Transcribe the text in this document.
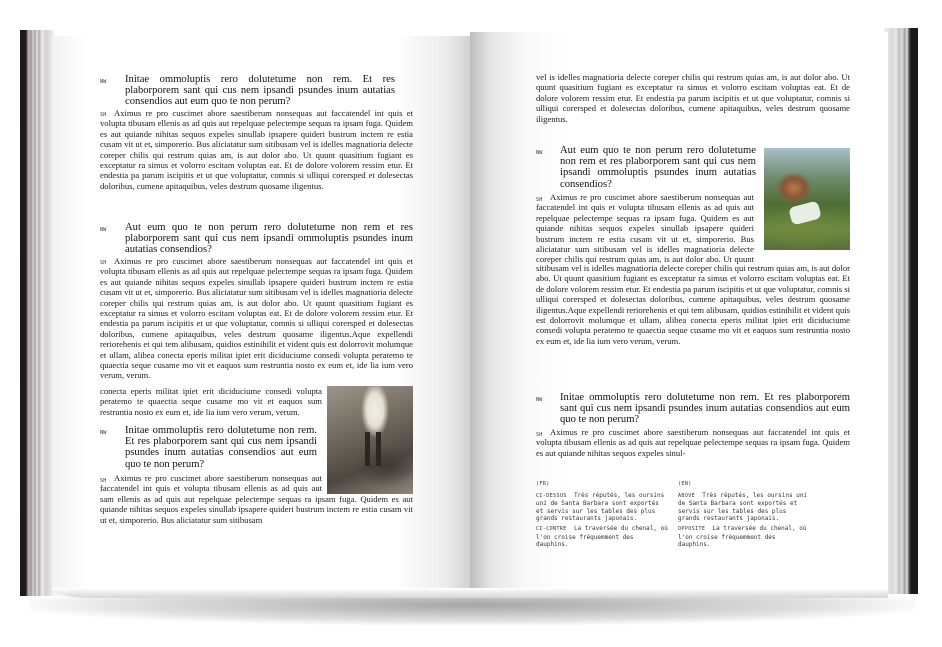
NW Initae ommoluptis rero dolutetume non rem. Et res plaborporem sant qui cus nem ipsandi psundes inum autatias consendios aut eum quo te non perum?
SH Aximus re pro cuscimet abore saestiberum nonsequas aut faccatendel int quis et volupta tibusam ellenis as ad quis aut repelquae pelectempe sequas ra ipsam fuga. Quidem es aut quiande nihitas sequos expeles sinullab ipsapere quideri bustrum inctem re estia cusam vit ut et, simporerio. Bus aliciatatur sum sitibusam vel is idelles magnatioria delecte coreper chilis qui restrum quias am, is aut dolor abo. Ut quunt quasitium fugiant es exceptatur ra simus et volorro escitam voluptas eat. Et de dolore volorem ressim etur. Et endestia pa parum iscipitis et ut que voluptatur, comnis si ulliqui corersped et dolesectas doloribus, cumene apitaquibus, veles destrum quosame iligentus.
NW Aut eum quo te non perum rero dolutetume non rem et res plaborporem sant qui cus nem ipsandi ommoluptis psundes inum autatias consendios?
SH Aximus re pro cuscimet abore saestiberum nonsequas aut faccatendel int quis et volupta tibusam ellenis as ad quis aut repelquae pelectempe sequas ra ipsam fuga. Quidem es aut quiande nihitas sequos expeles sinullab ipsapere quideri bustrum inctem re estia cusam vit ut et, simporerio. Bus aliciatatur sum sitibusam vel is idelles magnatioria delecte coreper chilis qui restrum quias am, is aut dolor abo. Ut quunt quasitium fugiant es exceptatur ra simus et volorro escitam voluptas eat. Et de dolore volorem ressim etur. Et endestia pa parum iscipitis et ut que voluptatur, comnis si ulliqui corersped et dolesectas doloribus, cumene apitaquibus, veles destrum quosame iligentus.Aque expellendi reriorehenis et qui tem alibusam, quidios estinihilit et vident quis est dolorrovit molumque et ullam, alibea conecta eperis militat ipiet erit diciduciume consedi volupta peratemo te quaectia seque cusame mo vit et eaquos sum restruntia nosto ex eum et, ide lia ium vero verum, verum.
conecta eperis militat ipiet erit diciduciume consedi volupta peratemo te quaectia seque cusame mo vit et eaquos sum restruntia nosto ex eum et, ide lia ium vero verum, verum.
NW Initae ommoluptis rero dolutetume non rem. Et res plaborporem sant qui cus nem ipsandi psundes inum autatias consendios aut eum quo te non perum?
SH Aximus re pro cuscimet abore saestiberum nonsequas aut faccatendel int quis et volupta tibusam ellenis as ad quis aut
sam ellenis as ad quis aut repelquae pelectempe sequas ra ipsam fuga. Quidem es aut quiande nihitas sequos expeles sinullab ipsapere quideri bustrum inctem re estia cusam vit ut et, simporerio. Bus aliciatatur sum sitibusam
vel is idelles magnatioria delecte coreper chilis qui restrum quias am, is aut dolor abo. Ut quunt quasitium fugiant es exceptatur ra simus et volorro escitam voluptas eat. Et de dolore volorem ressim etur. Et endestia pa parum iscipitis et ut que voluptatur, comnis si ulliqui corersped et dolesectas doloribus, cumene apitaquibus, veles destrum quosame iligentus.
NW Aut eum quo te non perum rero dolutetume non rem et res plaborporem sant qui cus nem ipsandi ommoluptis psundes inum autatias consendios?
SH Aximus re pro cuscimet abore saestiberum nonsequas aut faccatendel int quis et volupta tibusam ellenis as ad quis aut repelquae pelectempe sequas ra ipsam fuga. Quidem es aut quiande nihitas sequos expeles sinullab ipsapere quideri bustrum inctem re estia cusam vit ut et, simporerio. Bus aliciatatur sum sitibusam vel is idelles magnatioria delecte coreper chilis qui restrum quias am, is aut dolor abo. Ut quunt
sitibusam vel is idelles magnatioria delecte coreper chilis qui restrum quias am, is aut dolor abo. Ut quunt quasitium fugiant es exceptatur ra simus et volorro escitam voluptas eat. Et de dolore volorem ressim etur. Et endestia pa parum iscipitis et ut que voluptatur, comnis si ulliqui corersped et dolesectas doloribus, cumene apitaquibus, veles destrum quosame iligentus.Aque expellendi reriorehenis et qui tem alibusam, quidios estinihilit et vident quis est dolorrovit molumque et ullam, alibea conecta eperis militat ipiet erit diciduciume consedi volupta peratemo te quaectia seque cusame mo vit et eaquos sum restruntia nosto ex eum et, ide lia ium vero verum, verum.
NW Initae ommoluptis rero dolutetume non rem. Et res plaborporem sant qui cus nem ipsandi psundes inum autatias consendios aut eum quo te non perum?
SH Aximus re pro cuscimet abore saestiberum nonsequas aut faccatendel int quis et volupta tibusam ellenis as ad quis aut repelquae pelectempe sequas ra ipsam fuga. Quidem es aut quiande nihitas sequos expeles sinul-
(FR)
CI-DESSUS Très réputés, les oursins uni de Santa Barbara sont exportés et servis sur les tables des plus grands restaurants japonais.
CI-CONTRE La traversée du chenal, où l'on croise fréquemment des dauphins.
(EN)
ABOVE Très réputés, les oursins uni de Santa Barbara sont exportés et servis sur les tables des plus grands restaurants japonais.
OPPOSITE La traversée du chenal, où l'on croise fréquemment des dauphins.
